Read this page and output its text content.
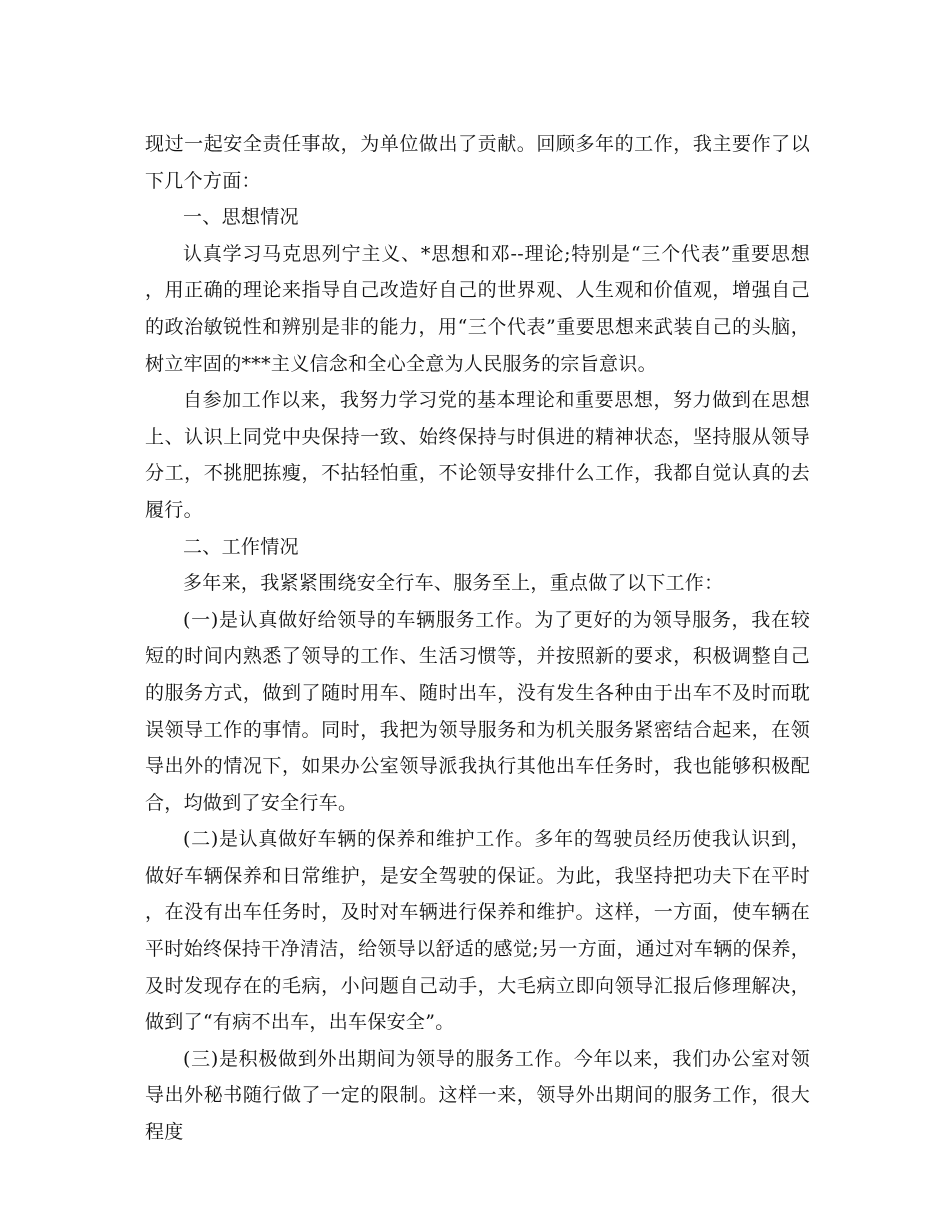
现过一起安全责任事故，为单位做出了贡献。回顾多年的工作，我主要作了以下几个方面：

一、思想情况

认真学习马克思列宁主义、*思想和邓--理论;特别是“三个代表”重要思想，用正确的理论来指导自己改造好自己的世界观、人生观和价值观，增强自己的政治敏锐性和辨别是非的能力，用“三个代表”重要思想来武装自己的头脑，树立牢固的***主义信念和全心全意为人民服务的宗旨意识。

自参加工作以来，我努力学习党的基本理论和重要思想，努力做到在思想上、认识上同党中央保持一致、始终保持与时俱进的精神状态，坚持服从领导分工，不挑肥拣瘦，不拈轻怕重，不论领导安排什么工作，我都自觉认真的去履行。

二、工作情况

多年来，我紧紧围绕安全行车、服务至上，重点做了以下工作：

(一)是认真做好给领导的车辆服务工作。为了更好的为领导服务，我在较短的时间内熟悉了领导的工作、生活习惯等，并按照新的要求，积极调整自己的服务方式，做到了随时用车、随时出车，没有发生各种由于出车不及时而耽误领导工作的事情。同时，我把为领导服务和为机关服务紧密结合起来，在领导出外的情况下，如果办公室领导派我执行其他出车任务时，我也能够积极配合，均做到了安全行车。

(二)是认真做好车辆的保养和维护工作。多年的驾驶员经历使我认识到，做好车辆保养和日常维护，是安全驾驶的保证。为此，我坚持把功夫下在平时，在没有出车任务时，及时对车辆进行保养和维护。这样，一方面，使车辆在平时始终保持干净清洁，给领导以舒适的感觉;另一方面，通过对车辆的保养，及时发现存在的毛病，小问题自己动手，大毛病立即向领导汇报后修理解决，做到了“有病不出车，出车保安全”。

(三)是积极做到外出期间为领导的服务工作。今年以来，我们办公室对领导出外秘书随行做了一定的限制。这样一来，领导外出期间的服务工作，很大程度
